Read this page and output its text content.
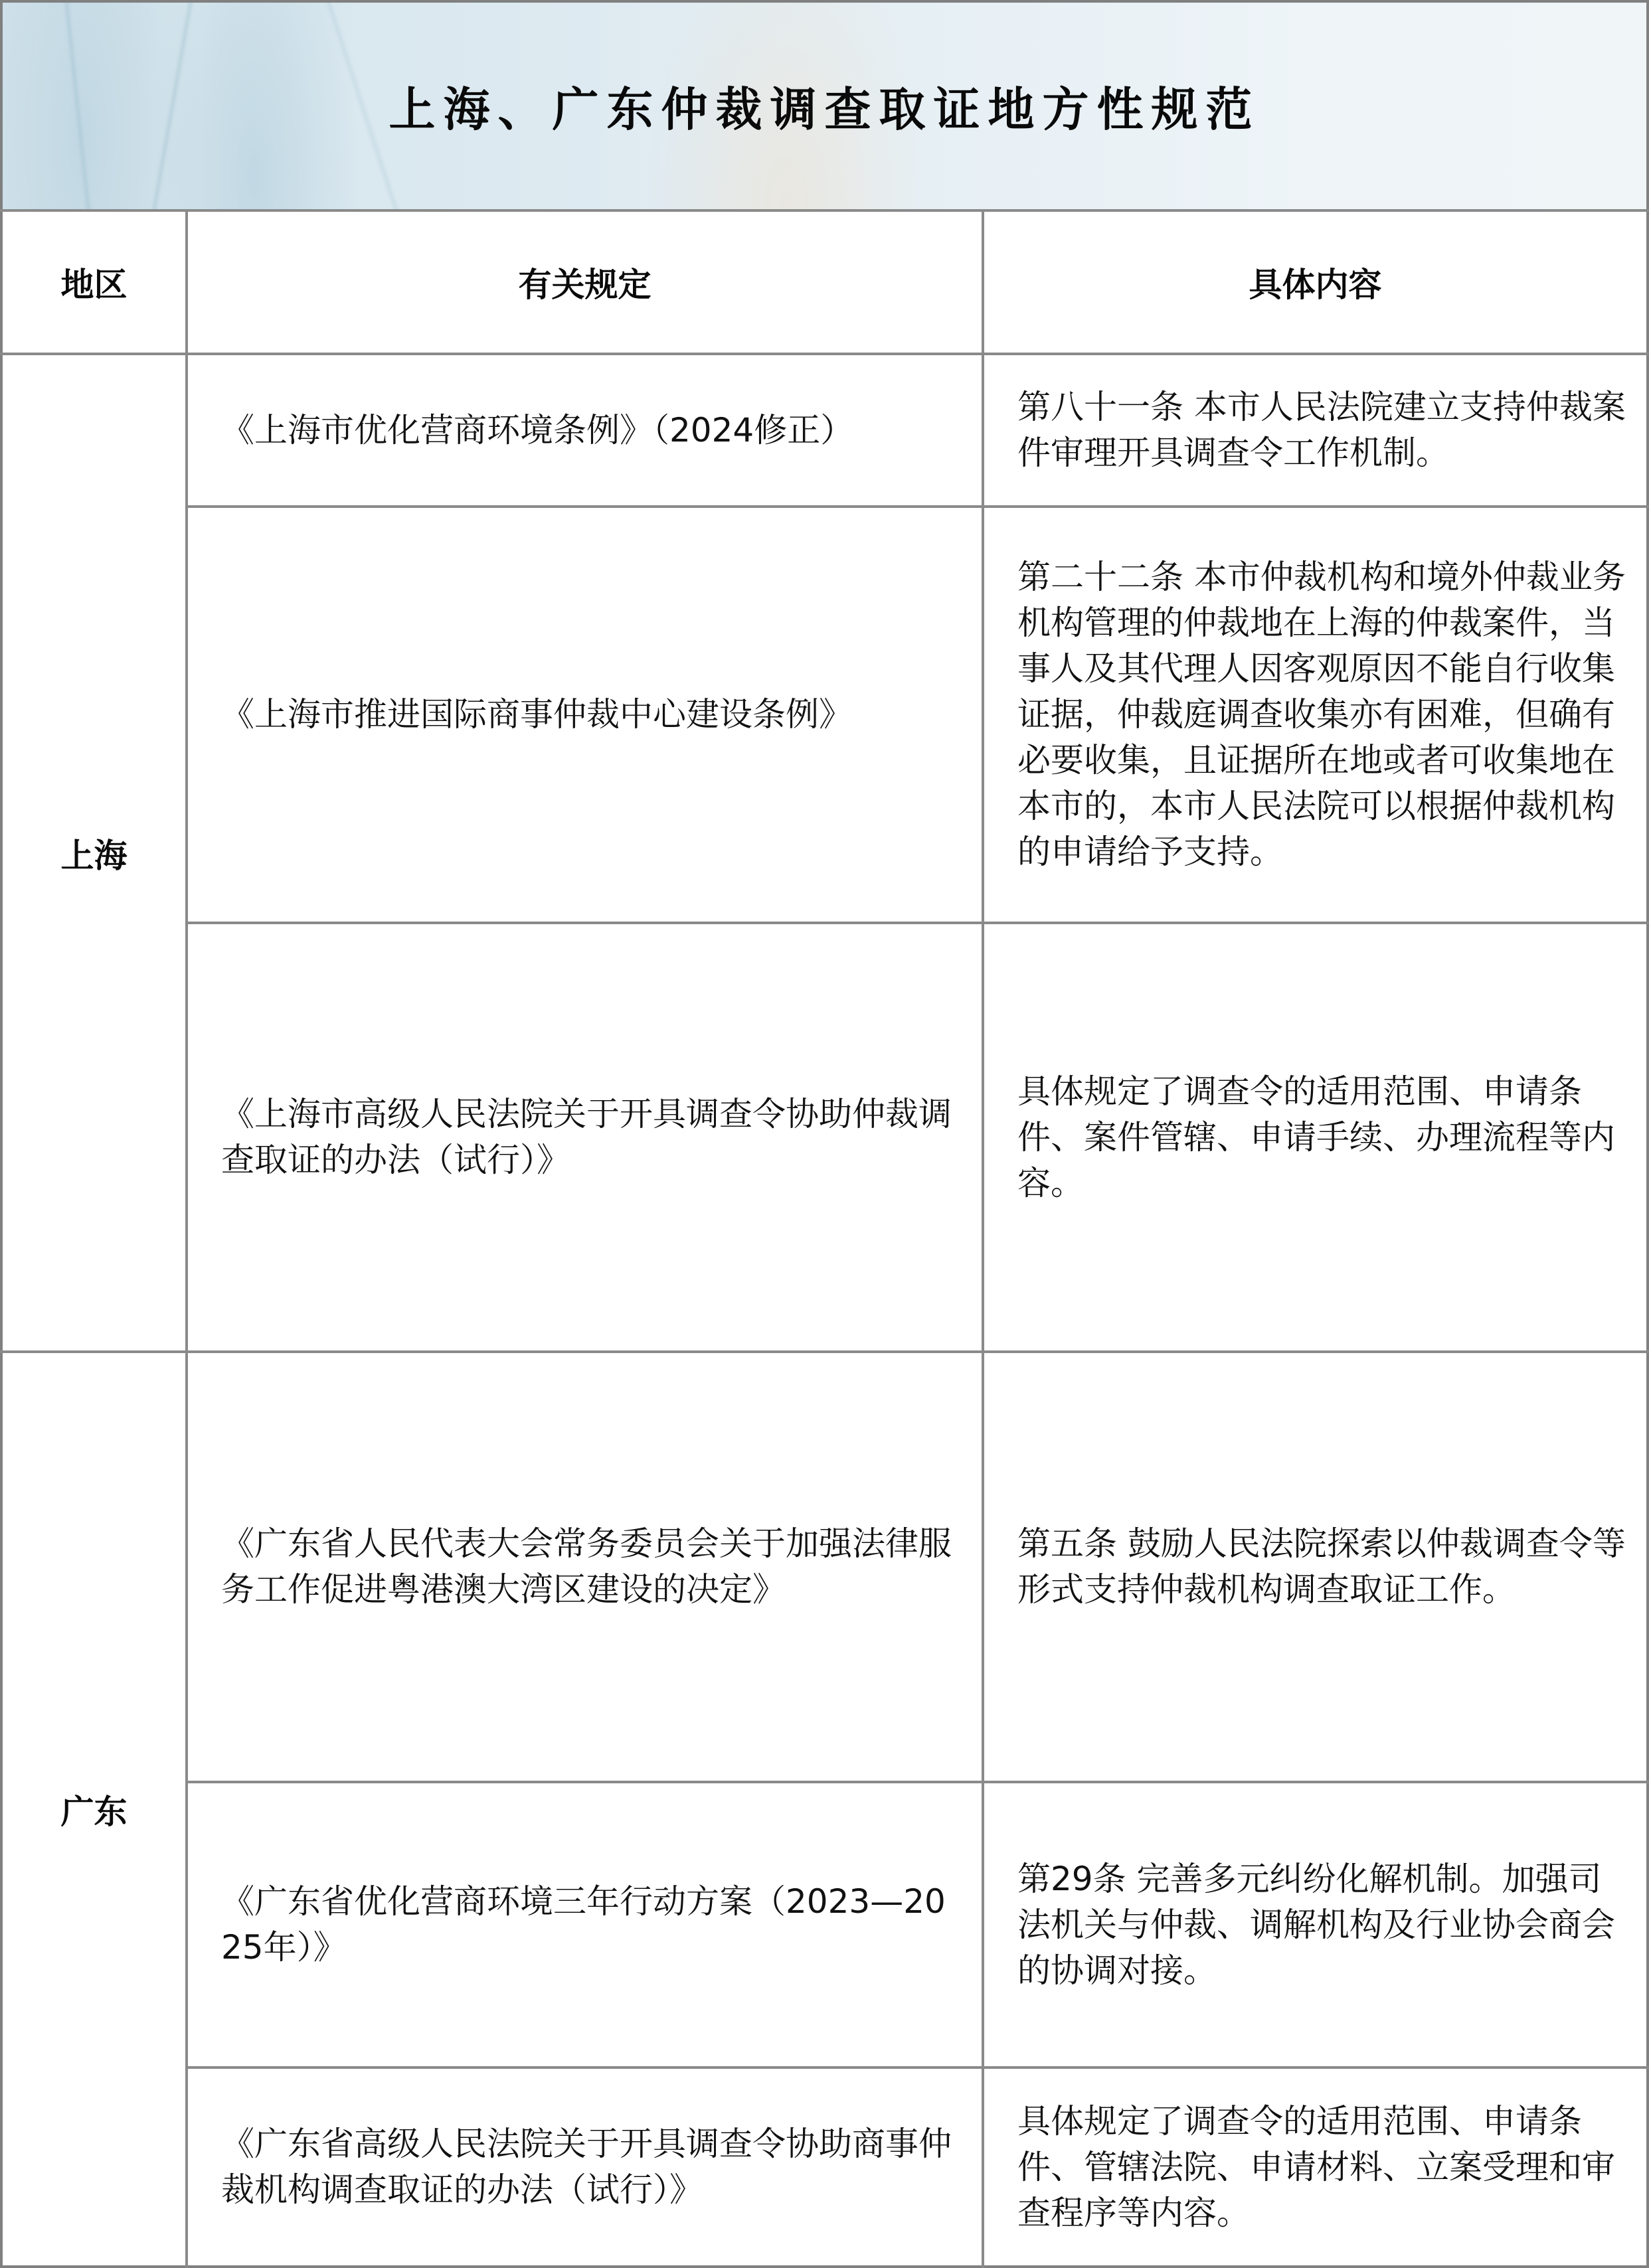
上海、广东仲裁调查取证地方性规范
地区	有关规定	具体内容
上海
广东
《上海市优化营商环境条例》（2024修正）
第八十一条 本市人民法院建立支持仲裁案件审理开具调查令工作机制。
《上海市推进国际商事仲裁中心建设条例》
第二十二条 本市仲裁机构和境外仲裁业务机构管理的仲裁地在上海的仲裁案件，当事人及其代理人因客观原因不能自行收集证据，仲裁庭调查收集亦有困难，但确有必要收集，且证据所在地或者可收集地在本市的，本市人民法院可以根据仲裁机构的申请给予支持。
《上海市高级人民法院关于开具调查令协助仲裁调查取证的办法（试行）》
具体规定了调查令的适用范围、申请条件、案件管辖、申请手续、办理流程等内容。
《广东省人民代表大会常务委员会关于加强法律服务工作促进粤港澳大湾区建设的决定》
第五条 鼓励人民法院探索以仲裁调查令等形式支持仲裁机构调查取证工作。
《广东省优化营商环境三年行动方案（2023—2025年）》
第29条 完善多元纠纷化解机制。加强司法机关与仲裁、调解机构及行业协会商会的协调对接。
《广东省高级人民法院关于开具调查令协助商事仲裁机构调查取证的办法（试行）》
具体规定了调查令的适用范围、申请条件、管辖法院、申请材料、立案受理和审查程序等内容。
